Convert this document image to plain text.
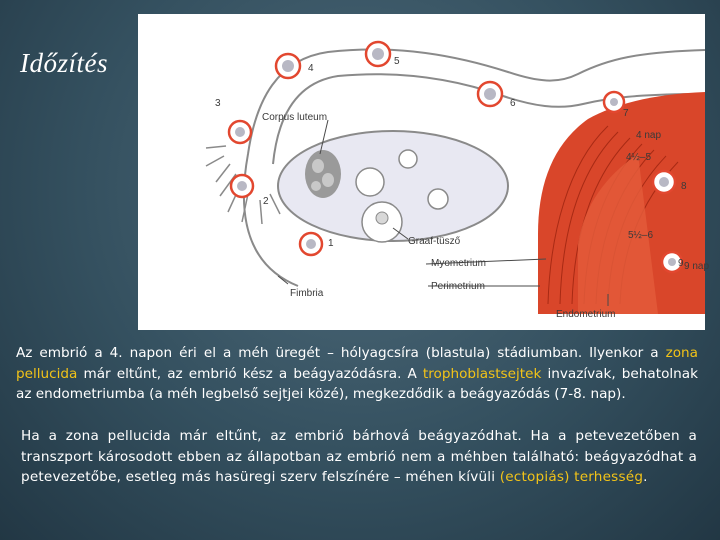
Időzítés
Corpus luteum
Graaf-tüsző
Fimbria
Myometrium
Perimetrium
Endometrium
1
2
3
4
5
6
7
8
9
4 nap
4½–5
5½–6
9 nap
Az embrió a 4. napon éri el a méh üregét – hólyagcsíra (blastula) stádiumban. Ilyenkor a zona pellucida már eltűnt, az embrió kész a beágyazódásra. A trophoblastsejtek invazívak, behatolnak az endometriumba (a méh legbelső sejtjei közé), megkezdődik a beágyazódás (7-8. nap).
Ha a zona pellucida már eltűnt, az embrió bárhová beágyazódhat. Ha a petevezetőben a transzport károsodott ebben az állapotban az embrió nem a méhben található: beágyazódhat a petevezetőbe, esetleg más hasüregi szerv felszínére – méhen kívüli (ectopiás) terhesség.
